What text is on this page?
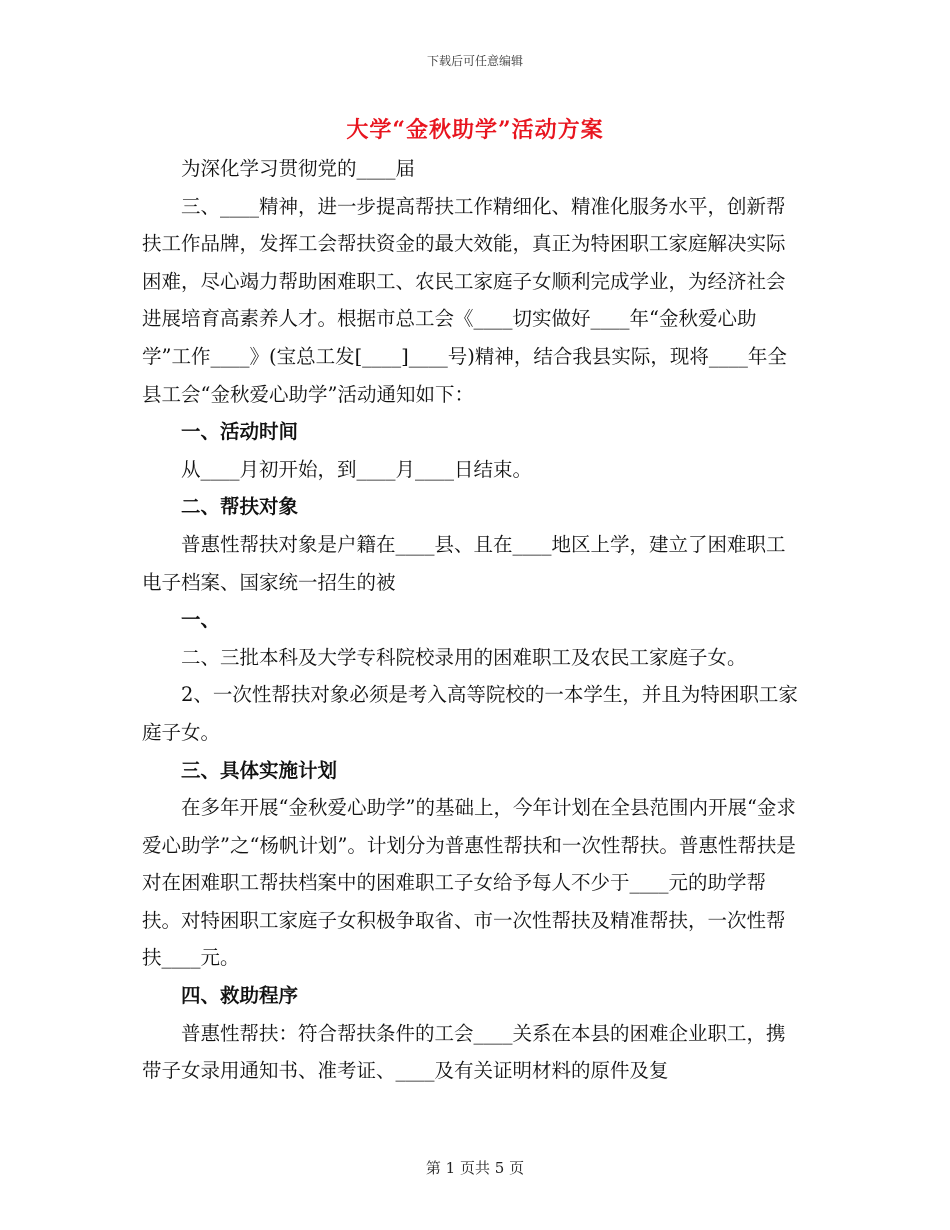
下载后可任意编辑
大学“金秋助学”活动方案

为深化学习贯彻党的____届

三、____精神，进一步提高帮扶工作精细化、精准化服务水平，创新帮扶工作品牌，发挥工会帮扶资金的最大效能，真正为特困职工家庭解决实际困难，尽心竭力帮助困难职工、农民工家庭子女顺利完成学业，为经济社会进展培育高素养人才。根据市总工会《____切实做好____年“金秋爱心助学”工作____》(宝总工发[____]____号)精神，结合我县实际，现将____年全县工会“金秋爱心助学”活动通知如下：

一、活动时间

从____月初开始，到____月____日结束。

二、帮扶对象

普惠性帮扶对象是户籍在____县、且在____地区上学，建立了困难职工电子档案、国家统一招生的被

一、

二、三批本科及大学专科院校录用的困难职工及农民工家庭子女。

2、一次性帮扶对象必须是考入高等院校的一本学生，并且为特困职工家庭子女。

三、具体实施计划

在多年开展“金秋爱心助学”的基础上，今年计划在全县范围内开展“金求爱心助学”之“杨帆计划”。计划分为普惠性帮扶和一次性帮扶。普惠性帮扶是对在困难职工帮扶档案中的困难职工子女给予每人不少于____元的助学帮扶。对特困职工家庭子女积极争取省、市一次性帮扶及精准帮扶，一次性帮扶____元。

四、救助程序

普惠性帮扶：符合帮扶条件的工会____关系在本县的困难企业职工，携带子女录用通知书、准考证、____及有关证明材料的原件及复

第 1 页共 5 页
